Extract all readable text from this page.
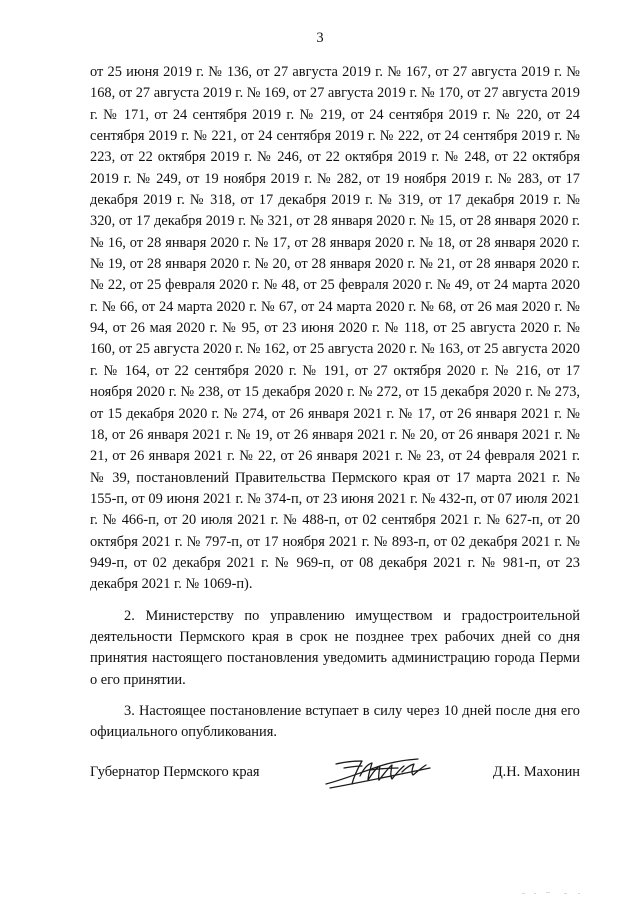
3

от 25 июня 2019 г. № 136, от 27 августа 2019 г. № 167, от 27 августа 2019 г. № 168, от 27 августа 2019 г. № 169, от 27 августа 2019 г. № 170, от 27 августа 2019 г. № 171, от 24 сентября 2019 г. № 219, от 24 сентября 2019 г. № 220, от 24 сентября 2019 г. № 221, от 24 сентября 2019 г. № 222, от 24 сентября 2019 г. № 223, от 22 октября 2019 г. № 246, от 22 октября 2019 г. № 248, от 22 октября 2019 г. № 249, от 19 ноября 2019 г. № 282, от 19 ноября 2019 г. № 283, от 17 декабря 2019 г. № 318, от 17 декабря 2019 г. № 319, от 17 декабря 2019 г. № 320, от 17 декабря 2019 г. № 321, от 28 января 2020 г. № 15, от 28 января 2020 г. № 16, от 28 января 2020 г. № 17, от 28 января 2020 г. № 18, от 28 января 2020 г. № 19, от 28 января 2020 г. № 20, от 28 января 2020 г. № 21, от 28 января 2020 г. № 22, от 25 февраля 2020 г. № 48, от 25 февраля 2020 г. № 49, от 24 марта 2020 г. № 66, от 24 марта 2020 г. № 67, от 24 марта 2020 г. № 68, от 26 мая 2020 г. № 94, от 26 мая 2020 г. № 95, от 23 июня 2020 г. № 118, от 25 августа 2020 г. № 160, от 25 августа 2020 г. № 162, от 25 августа 2020 г. № 163, от 25 августа 2020 г. № 164, от 22 сентября 2020 г. № 191, от 27 октября 2020 г. № 216, от 17 ноября 2020 г. № 238, от 15 декабря 2020 г. № 272, от 15 декабря 2020 г. № 273, от 15 декабря 2020 г. № 274, от 26 января 2021 г. № 17, от 26 января 2021 г. № 18, от 26 января 2021 г. № 19, от 26 января 2021 г. № 20, от 26 января 2021 г. № 21, от 26 января 2021 г. № 22, от 26 января 2021 г. № 23, от 24 февраля 2021 г. № 39, постановлений Правительства Пермского края от 17 марта 2021 г. № 155-п, от 09 июня 2021 г. № 374-п, от 23 июня 2021 г. № 432-п, от 07 июля 2021 г. № 466-п, от 20 июля 2021 г. № 488-п, от 02 сентября 2021 г. № 627-п, от 20 октября 2021 г. № 797-п, от 17 ноября 2021 г. № 893-п, от 02 декабря 2021 г. № 949-п, от 02 декабря 2021 г. № 969-п, от 08 декабря 2021 г. № 981-п, от 23 декабря 2021 г. № 1069-п).

2. Министерству по управлению имуществом и градостроительной деятельности Пермского края в срок не позднее трех рабочих дней со дня принятия настоящего постановления уведомить администрацию города Перми о его принятии.

3. Настоящее постановление вступает в силу через 10 дней после дня его официального опубликования.

Губернатор Пермского края	Д.Н. Махонин
